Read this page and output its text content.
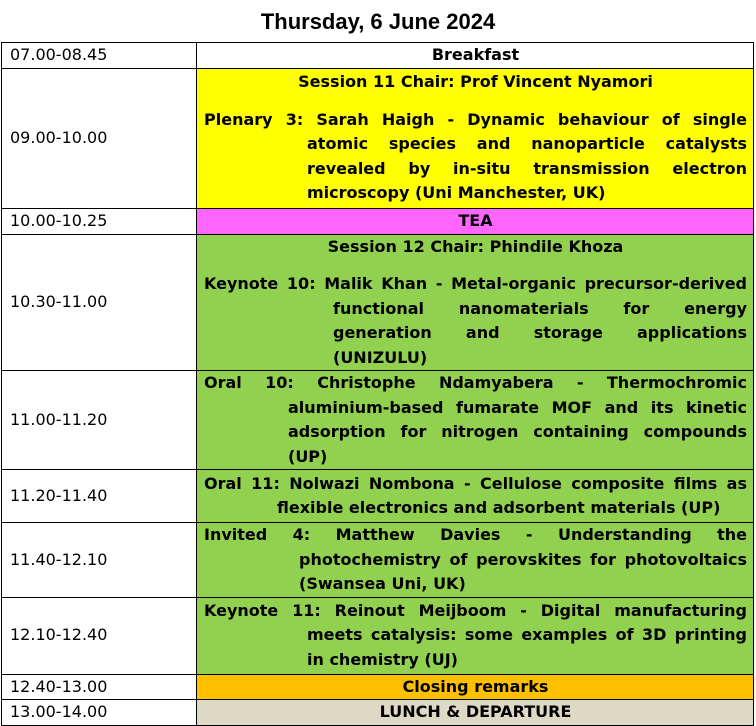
Thursday, 6 June 2024
07.00-08.45	Breakfast
09.00-10.00	Session 11 Chair: Prof Vincent Nyamori
Plenary 3: Sarah Haigh - Dynamic behaviour of single atomic species and nanoparticle catalysts revealed by in-situ transmission electron microscopy (Uni Manchester, UK)

10.00-10.25	TEA
10.30-11.00	Session 12 Chair: Phindile Khoza
Keynote 10: Malik Khan - Metal-organic precursor-derived functional nanomaterials for energy generation and storage applications (UNIZULU)

11.00-11.20	Oral 10: Christophe Ndamyabera - Thermochromic aluminium-based fumarate MOF and its kinetic adsorption for nitrogen containing compounds (UP)

11.20-11.40	Oral 11: Nolwazi Nombona - Cellulose composite films as flexible electronics and adsorbent materials (UP)

11.40-12.10	Invited 4: Matthew Davies - Understanding the photochemistry of perovskites for photovoltaics (Swansea Uni, UK)

12.10-12.40	Keynote 11: Reinout Meijboom - Digital manufacturing meets catalysis: some examples of 3D printing in chemistry (UJ)

12.40-13.00	Closing remarks
13.00-14.00	LUNCH & DEPARTURE
